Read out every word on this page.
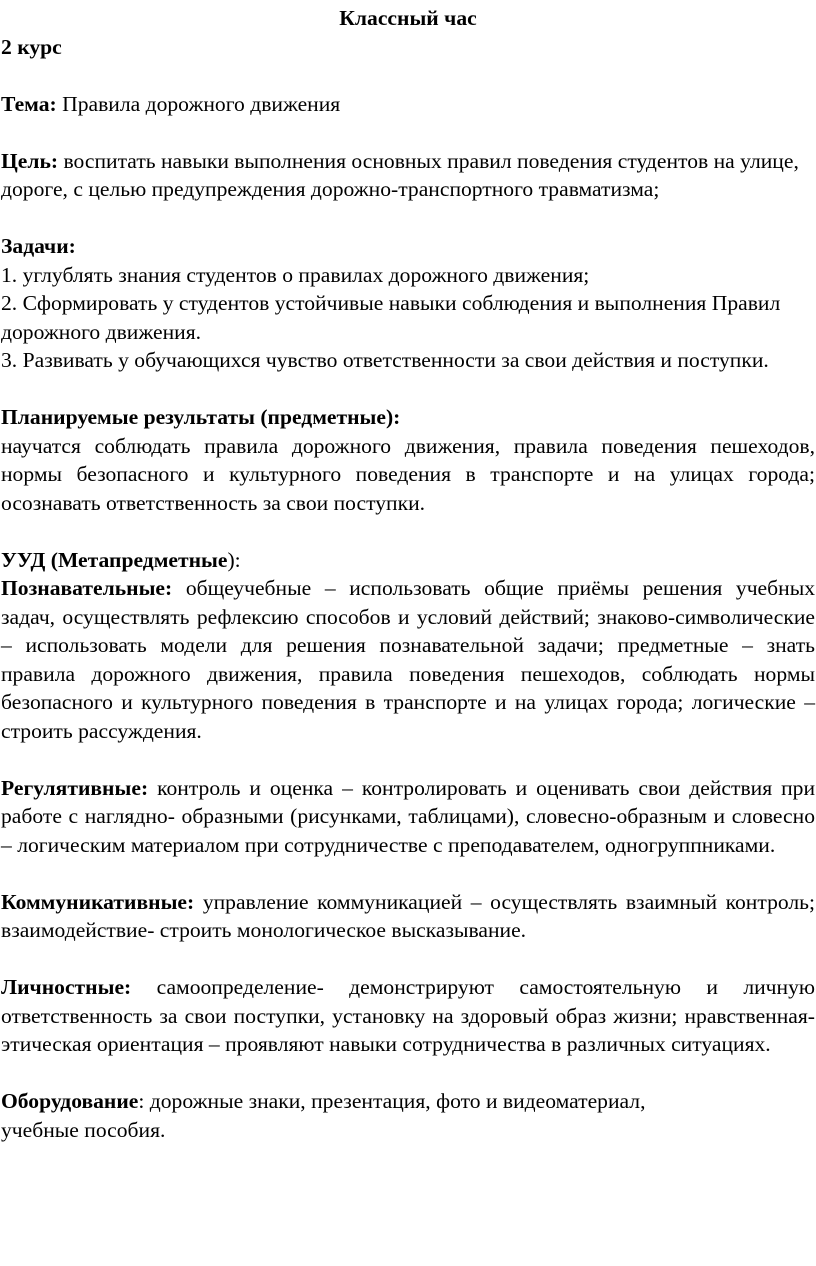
Классный час

2 курс

Тема: Правила дорожного движения

Цель: воспитать навыки выполнения основных правил поведения студентов на улице, дороге, с целью предупреждения дорожно-транспортного травматизма;

Задачи:

1. углублять знания студентов о правилах дорожного движения;
2. Сформировать у студентов устойчивые навыки соблюдения и выполнения Правил дорожного движения.
3. Развивать у обучающихся чувство ответственности за свои действия и поступки.

Планируемые результаты (предметные):

научатся соблюдать правила дорожного движения, правила поведения пешеходов, нормы безопасного и культурного поведения в транспорте и на улицах города; осознавать ответственность за свои поступки.

УУД (Метапредметные):

Познавательные: общеучебные – использовать общие приёмы решения учебных задач, осуществлять рефлексию способов и условий действий; знаково-символические – использовать модели для решения познавательной задачи; предметные – знать правила дорожного движения, правила поведения пешеходов, соблюдать нормы безопасного и культурного поведения в транспорте и на улицах города; логические – строить рассуждения.

Регулятивные: контроль и оценка – контролировать и оценивать свои действия при работе с наглядно- образными (рисунками, таблицами), словесно-образным и словесно – логическим материалом при сотрудничестве с преподавателем, одногруппниками.

Коммуникативные: управление коммуникацией – осуществлять взаимный контроль; взаимодействие- строить монологическое высказывание.

Личностные: самоопределение- демонстрируют самостоятельную и личную ответственность за свои поступки, установку на здоровый образ жизни; нравственная- этическая ориентация – проявляют навыки сотрудничества в различных ситуациях.

Оборудование: дорожные знаки, презентация, фото и видеоматериал,

учебные пособия.
